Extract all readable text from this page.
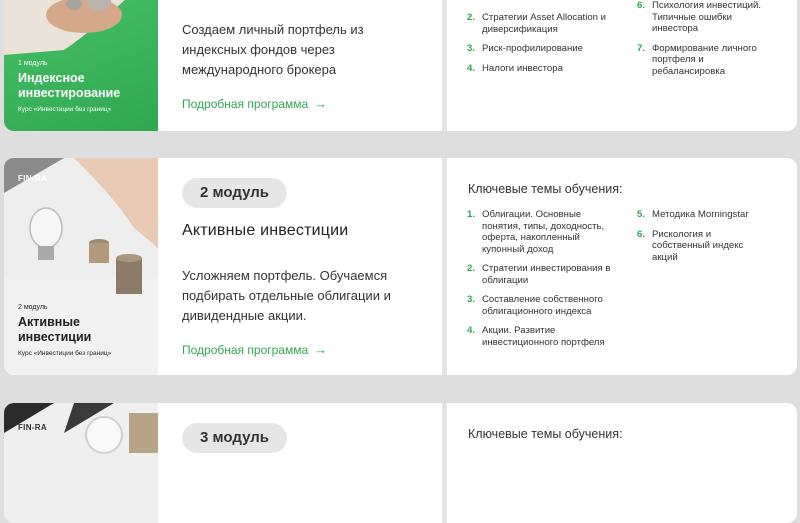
1 модуль
Индексное инвестирование
Курс «Инвестиции без границ»
Создаем личный портфель из индексных фондов через международного брокера
Подробная программа →
2. Стратегии Asset Allocation и диверсификация
3. Риск-профилирование
4. Налоги инвестора
6. Психология инвестиций. Типичные ошибки инвестора
7. Формирование личного портфеля и ребалансировка
FIN-RA
2 модуль
Активные инвестиции
Курс «Инвестиции без границ»
2 модуль
Активные инвестиции
Усложняем портфель. Обучаемся подбирать отдельные облигации и дивидендные акции.
Подробная программа →
Ключевые темы обучения:
1. Облигации. Основные понятия, типы, доходность, оферта, накопленный купонный доход
2. Стратегии инвестирования в облигации
3. Составление собственного облигационного индекса
4. Акции. Развитие инвестиционного портфеля
5. Методика Morningstar
6. Рискология и собственный индекс акций
FIN-RA
3 модуль	Ключевые темы обучения:
